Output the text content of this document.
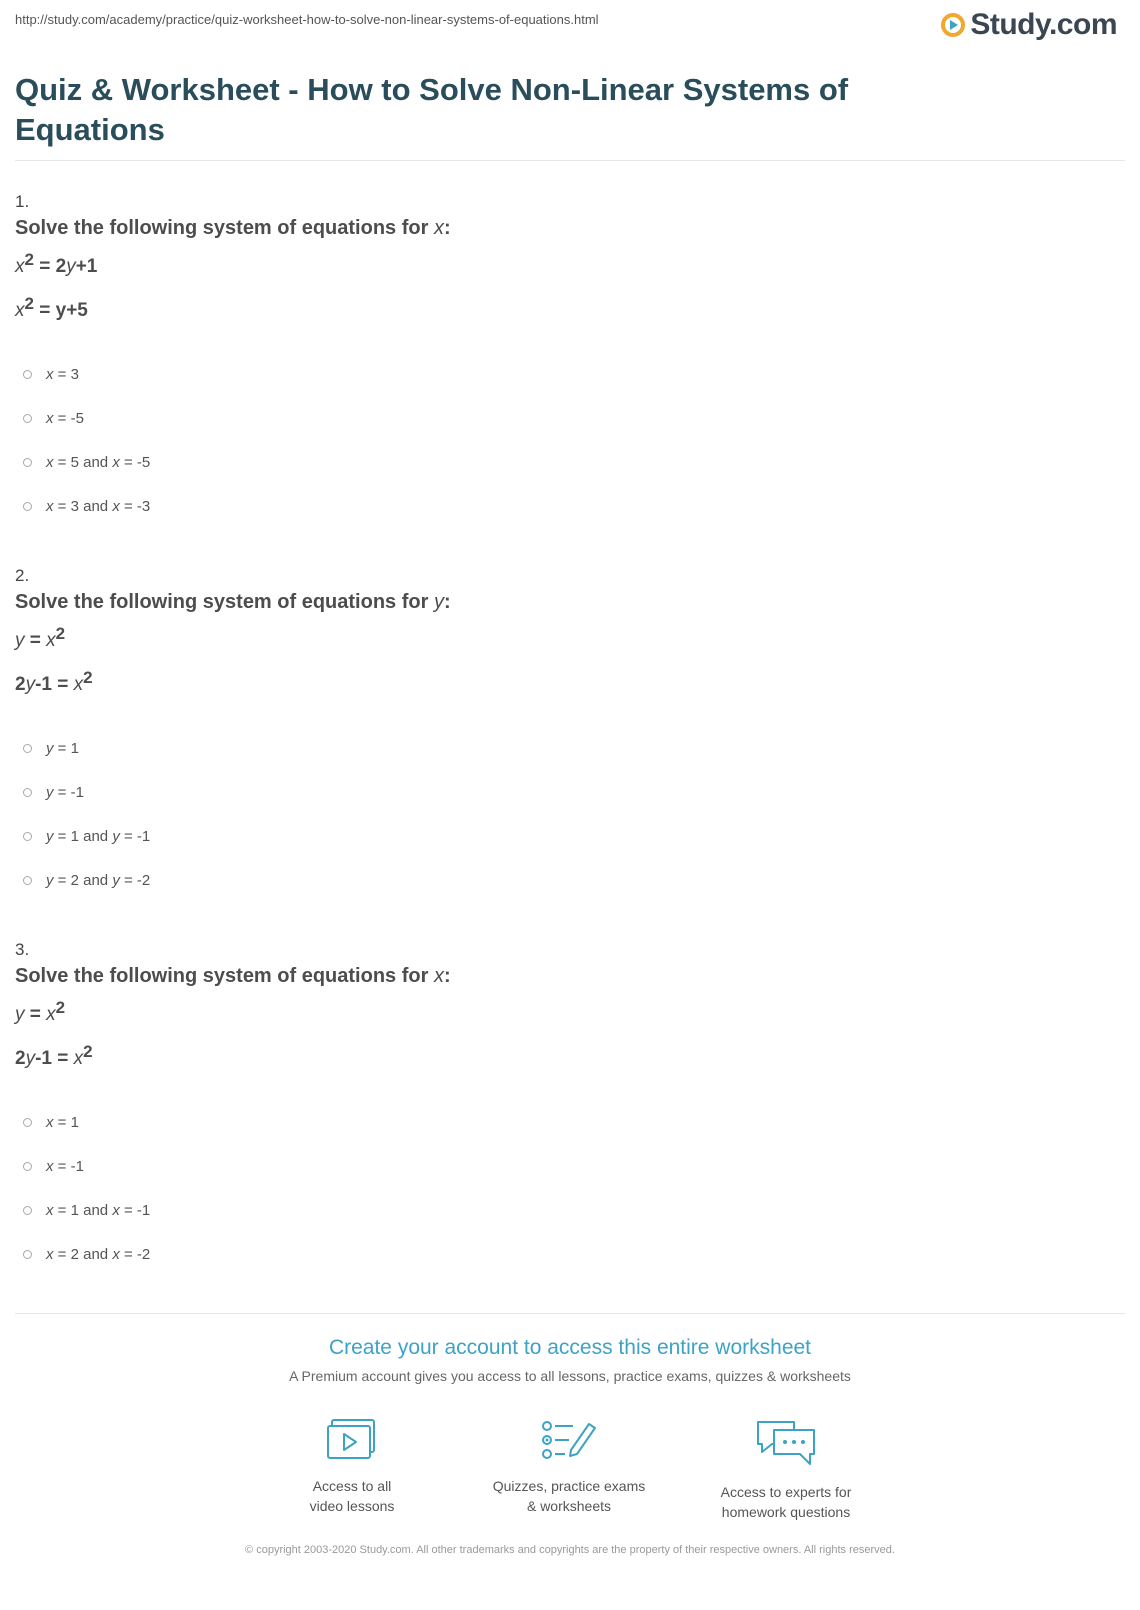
http://study.com/academy/practice/quiz-worksheet-how-to-solve-non-linear-systems-of-equations.html	Study.com
Quiz & Worksheet - How to Solve Non-Linear Systems of Equations
1.
Solve the following system of equations for x:
$x^2 = 2y+1$
$x^2 = y+5$
x
= 3
x
= -5
x
= 5 and
x
= -5
x
= 3 and
x
= -3
2.
Solve the following system of equations for y:
$y = x^2$
$2y-1 = x^2$
y
= 1
y
= -1
y
= 1 and
y
= -1
y
= 2 and
y
= -2
3.
Solve the following system of equations for x:
$y = x^2$
$2y-1 = x^2$
x
= 1
x
= -1
x
= 1 and
x
= -1
x
= 2 and
x
= -2
Create your account to access this entire worksheet
A Premium account gives you access to all lessons, practice exams, quizzes & worksheets
Access to all
video lessons
Quizzes, practice exams
& worksheets
Access to experts for
homework questions
© copyright 2003-2020 Study.com. All other trademarks and copyrights are the property of their respective owners. All rights reserved.
